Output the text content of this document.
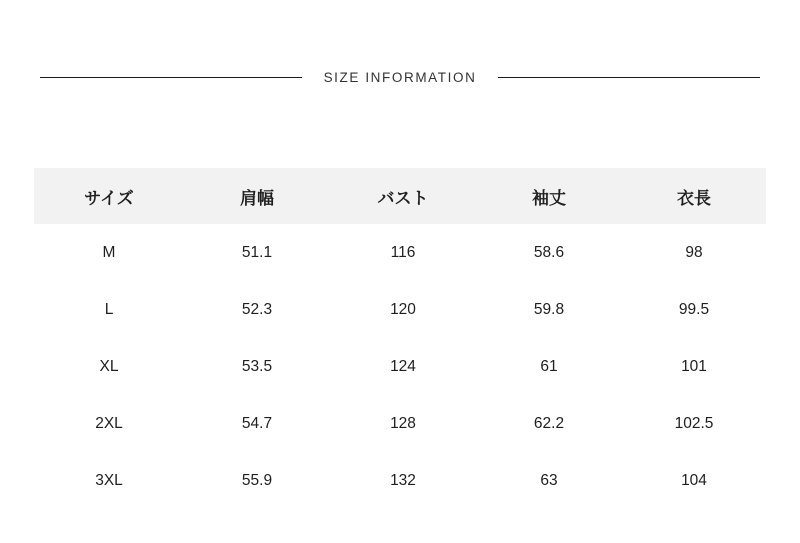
SIZE INFORMATION
サイズ	肩幅	バスト	袖丈	衣長
M	51.1	116	58.6	98
L	52.3	120	59.8	99.5
XL	53.5	124	61	101
2XL	54.7	128	62.2	102.5
3XL	55.9	132	63	104
